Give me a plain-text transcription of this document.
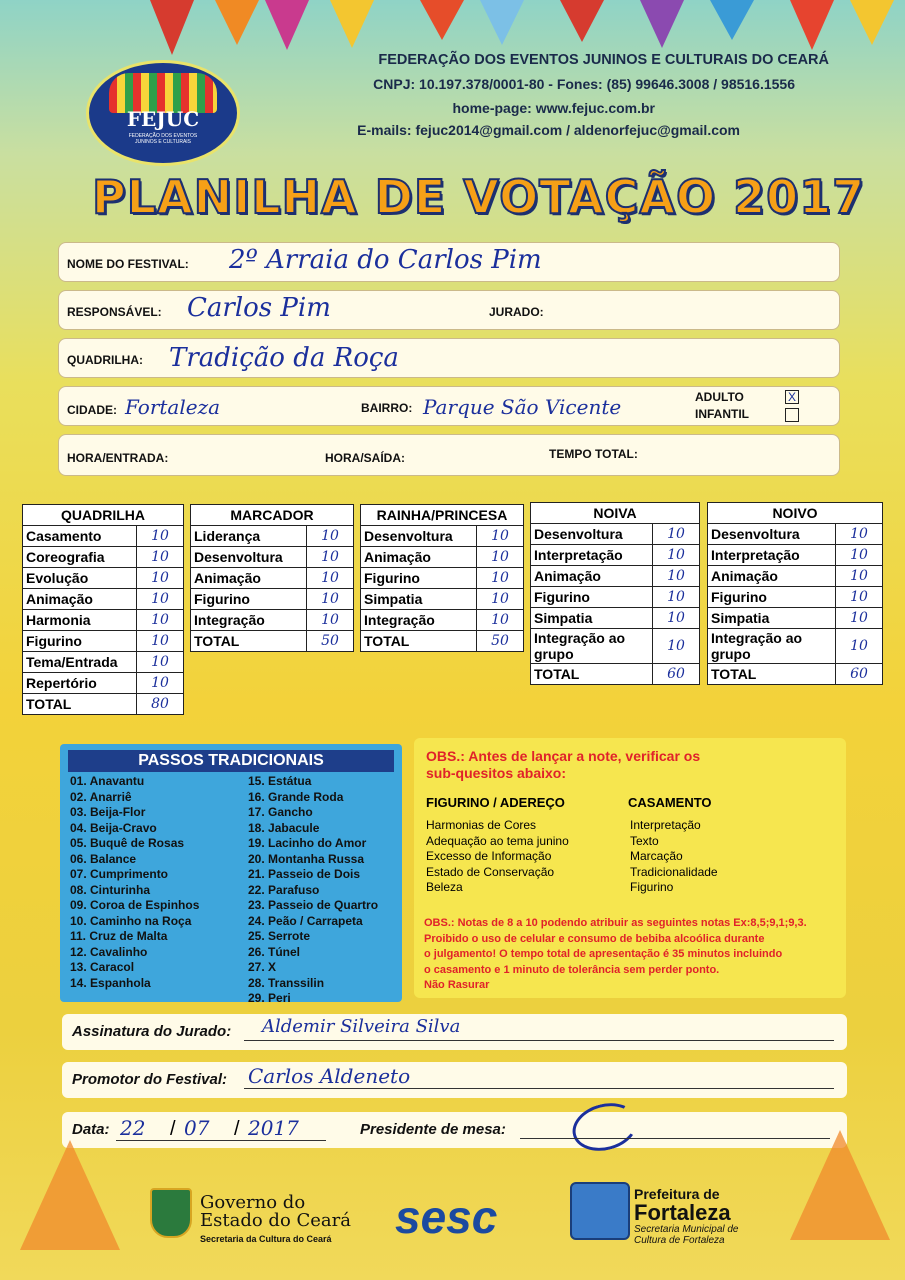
FEJUC
FEDERAÇÃO DOS EVENTOS JUNINOS E CULTURAIS
FEDERAÇÃO DOS EVENTOS JUNINOS E CULTURAIS DO CEARÁ
CNPJ: 10.197.378/0001-80 - Fones: (85) 99646.3008 / 98516.1556
home-page: www.fejuc.com.br
E-mails: fejuc2014@gmail.com / aldenorfejuc@gmail.com
PLANILHA DE VOTAÇÃO 2017
NOME DO FESTIVAL: 2º Arraia do Carlos Pim
RESPONSÁVEL: Carlos Pim	JURADO:
QUADRILHA: Tradição da Roça
CIDADE: Fortaleza	BAIRRO: Parque São Vicente	ADULTO
INFANTIL
X
HORA/ENTRADA:	HORA/SAÍDA:	TEMPO TOTAL:
QUADRILHA	
Casamento	10
Coreografia	10
Evolução	10
Animação	10
Harmonia	10
Figurino	10
Tema/Entrada	10
Repertório	10
TOTAL	80
MARCADOR	
Liderança	10
Desenvoltura	10
Animação	10
Figurino	10
Integração	10
TOTAL	50
RAINHA/PRINCESA	
Desenvoltura	10
Animação	10
Figurino	10
Simpatia	10
Integração	10
TOTAL	50
NOIVA	
Desenvoltura	10
Interpretação	10
Animação	10
Figurino	10
Simpatia	10
Integração ao grupo	10
TOTAL	60
NOIVO	
Desenvoltura	10
Interpretação	10
Animação	10
Figurino	10
Simpatia	10
Integração ao grupo	10
TOTAL	60
PASSOS TRADICIONAIS
01. Anavantu
02. Anarriê
03. Beija-Flor
04. Beija-Cravo
05. Buquê de Rosas
06. Balance
07. Cumprimento
08. Cinturinha
09. Coroa de Espinhos
10. Caminho na Roça
11. Cruz de Malta
12. Cavalinho
13. Caracol
14. Espanhola
15. Estátua
16. Grande Roda
17. Gancho
18. Jabacule
19. Lacinho do Amor
20. Montanha Russa
21. Passeio de Dois
22. Parafuso
23. Passeio de Quartro
24. Peão / Carrapeta
25. Serrote
26. Túnel
27. X
28. Transsilin
29. Peri
OBS.: Antes de lançar a note, verificar os
sub-quesitos abaixo:
FIGURINO / ADEREÇO
Harmonias de Cores
Adequação ao tema junino
Excesso de Informação
Estado de Conservação
Beleza
CASAMENTO
Interpretação
Texto
Marcação
Tradicionalidade
Figurino
OBS.: Notas de 8 a 10 podendo atribuir as seguintes notas Ex:8,5;9,1;9,3.
Proibido o uso de celular e consumo de bebiba alcoólica durante
o julgamento! O tempo total de apresentação é 35 minutos incluindo
o casamento e 1 minuto de tolerância sem perder ponto.
Não Rasurar
Assinatura do Jurado: Aldemir Silveira Silva
Promotor do Festival: Carlos Aldeneto
Data: 22 / 07 / 2017	Presidente de mesa:
Governo do
Estado do Ceará
Secretaria da Cultura do Ceará	sesc	Prefeitura de
Fortaleza
Secretaria Municipal de
Cultura de Fortaleza
